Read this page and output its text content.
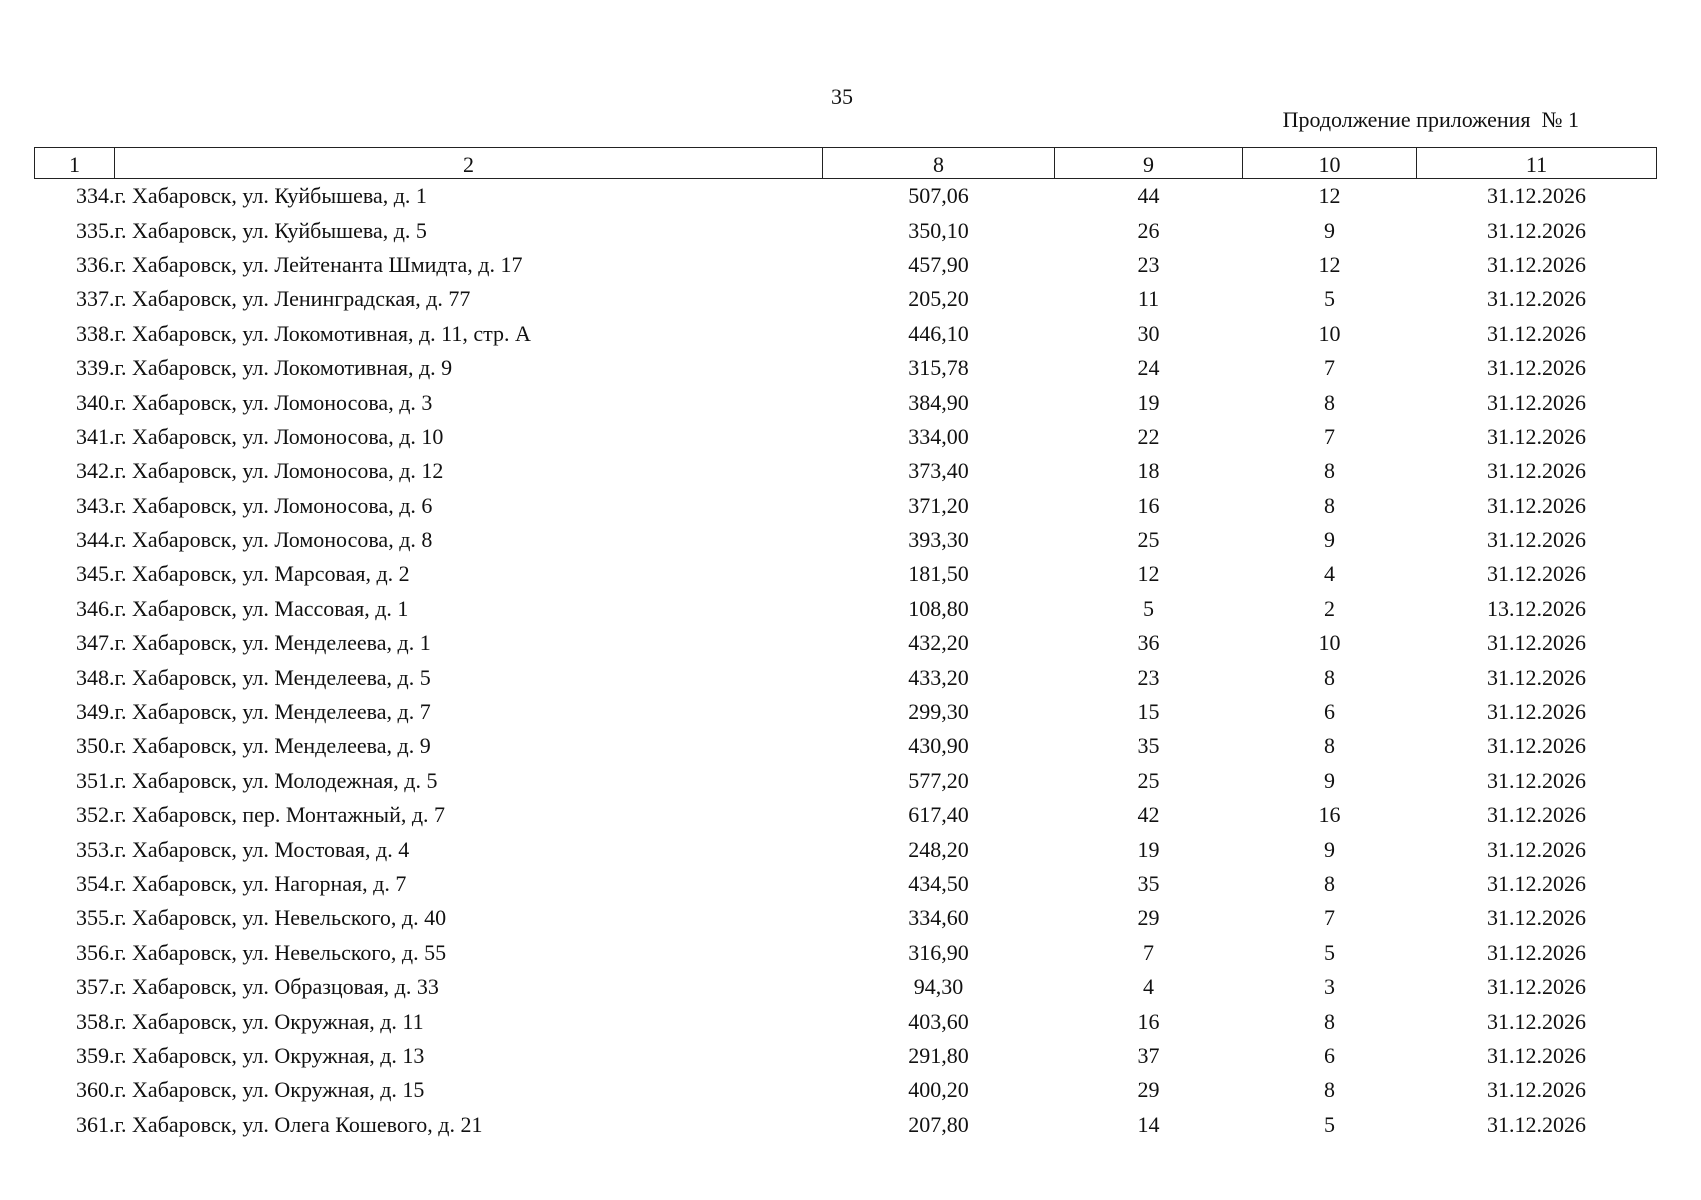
35
Продолжение приложения  № 1
1	2	8	9	10	11
334.	г. Хабаровск, ул. Куйбышева, д. 1	507,06	44	12	31.12.2026
335.	г. Хабаровск, ул. Куйбышева, д. 5	350,10	26	9	31.12.2026
336.	г. Хабаровск, ул. Лейтенанта Шмидта, д. 17	457,90	23	12	31.12.2026
337.	г. Хабаровск, ул. Ленинградская, д. 77	205,20	11	5	31.12.2026
338.	г. Хабаровск, ул. Локомотивная, д. 11, стр. А	446,10	30	10	31.12.2026
339.	г. Хабаровск, ул. Локомотивная, д. 9	315,78	24	7	31.12.2026
340.	г. Хабаровск, ул. Ломоносова, д. 3	384,90	19	8	31.12.2026
341.	г. Хабаровск, ул. Ломоносова, д. 10	334,00	22	7	31.12.2026
342.	г. Хабаровск, ул. Ломоносова, д. 12	373,40	18	8	31.12.2026
343.	г. Хабаровск, ул. Ломоносова, д. 6	371,20	16	8	31.12.2026
344.	г. Хабаровск, ул. Ломоносова, д. 8	393,30	25	9	31.12.2026
345.	г. Хабаровск, ул. Марсовая, д. 2	181,50	12	4	31.12.2026
346.	г. Хабаровск, ул. Массовая, д. 1	108,80	5	2	13.12.2026
347.	г. Хабаровск, ул. Менделеева, д. 1	432,20	36	10	31.12.2026
348.	г. Хабаровск, ул. Менделеева, д. 5	433,20	23	8	31.12.2026
349.	г. Хабаровск, ул. Менделеева, д. 7	299,30	15	6	31.12.2026
350.	г. Хабаровск, ул. Менделеева, д. 9	430,90	35	8	31.12.2026
351.	г. Хабаровск, ул. Молодежная, д. 5	577,20	25	9	31.12.2026
352.	г. Хабаровск, пер. Монтажный, д. 7	617,40	42	16	31.12.2026
353.	г. Хабаровск, ул. Мостовая, д. 4	248,20	19	9	31.12.2026
354.	г. Хабаровск, ул. Нагорная, д. 7	434,50	35	8	31.12.2026
355.	г. Хабаровск, ул. Невельского, д. 40	334,60	29	7	31.12.2026
356.	г. Хабаровск, ул. Невельского, д. 55	316,90	7	5	31.12.2026
357.	г. Хабаровск, ул. Образцовая, д. 33	94,30	4	3	31.12.2026
358.	г. Хабаровск, ул. Окружная, д. 11	403,60	16	8	31.12.2026
359.	г. Хабаровск, ул. Окружная, д. 13	291,80	37	6	31.12.2026
360.	г. Хабаровск, ул. Окружная, д. 15	400,20	29	8	31.12.2026
361.	г. Хабаровск, ул. Олега Кошевого, д. 21	207,80	14	5	31.12.2026
